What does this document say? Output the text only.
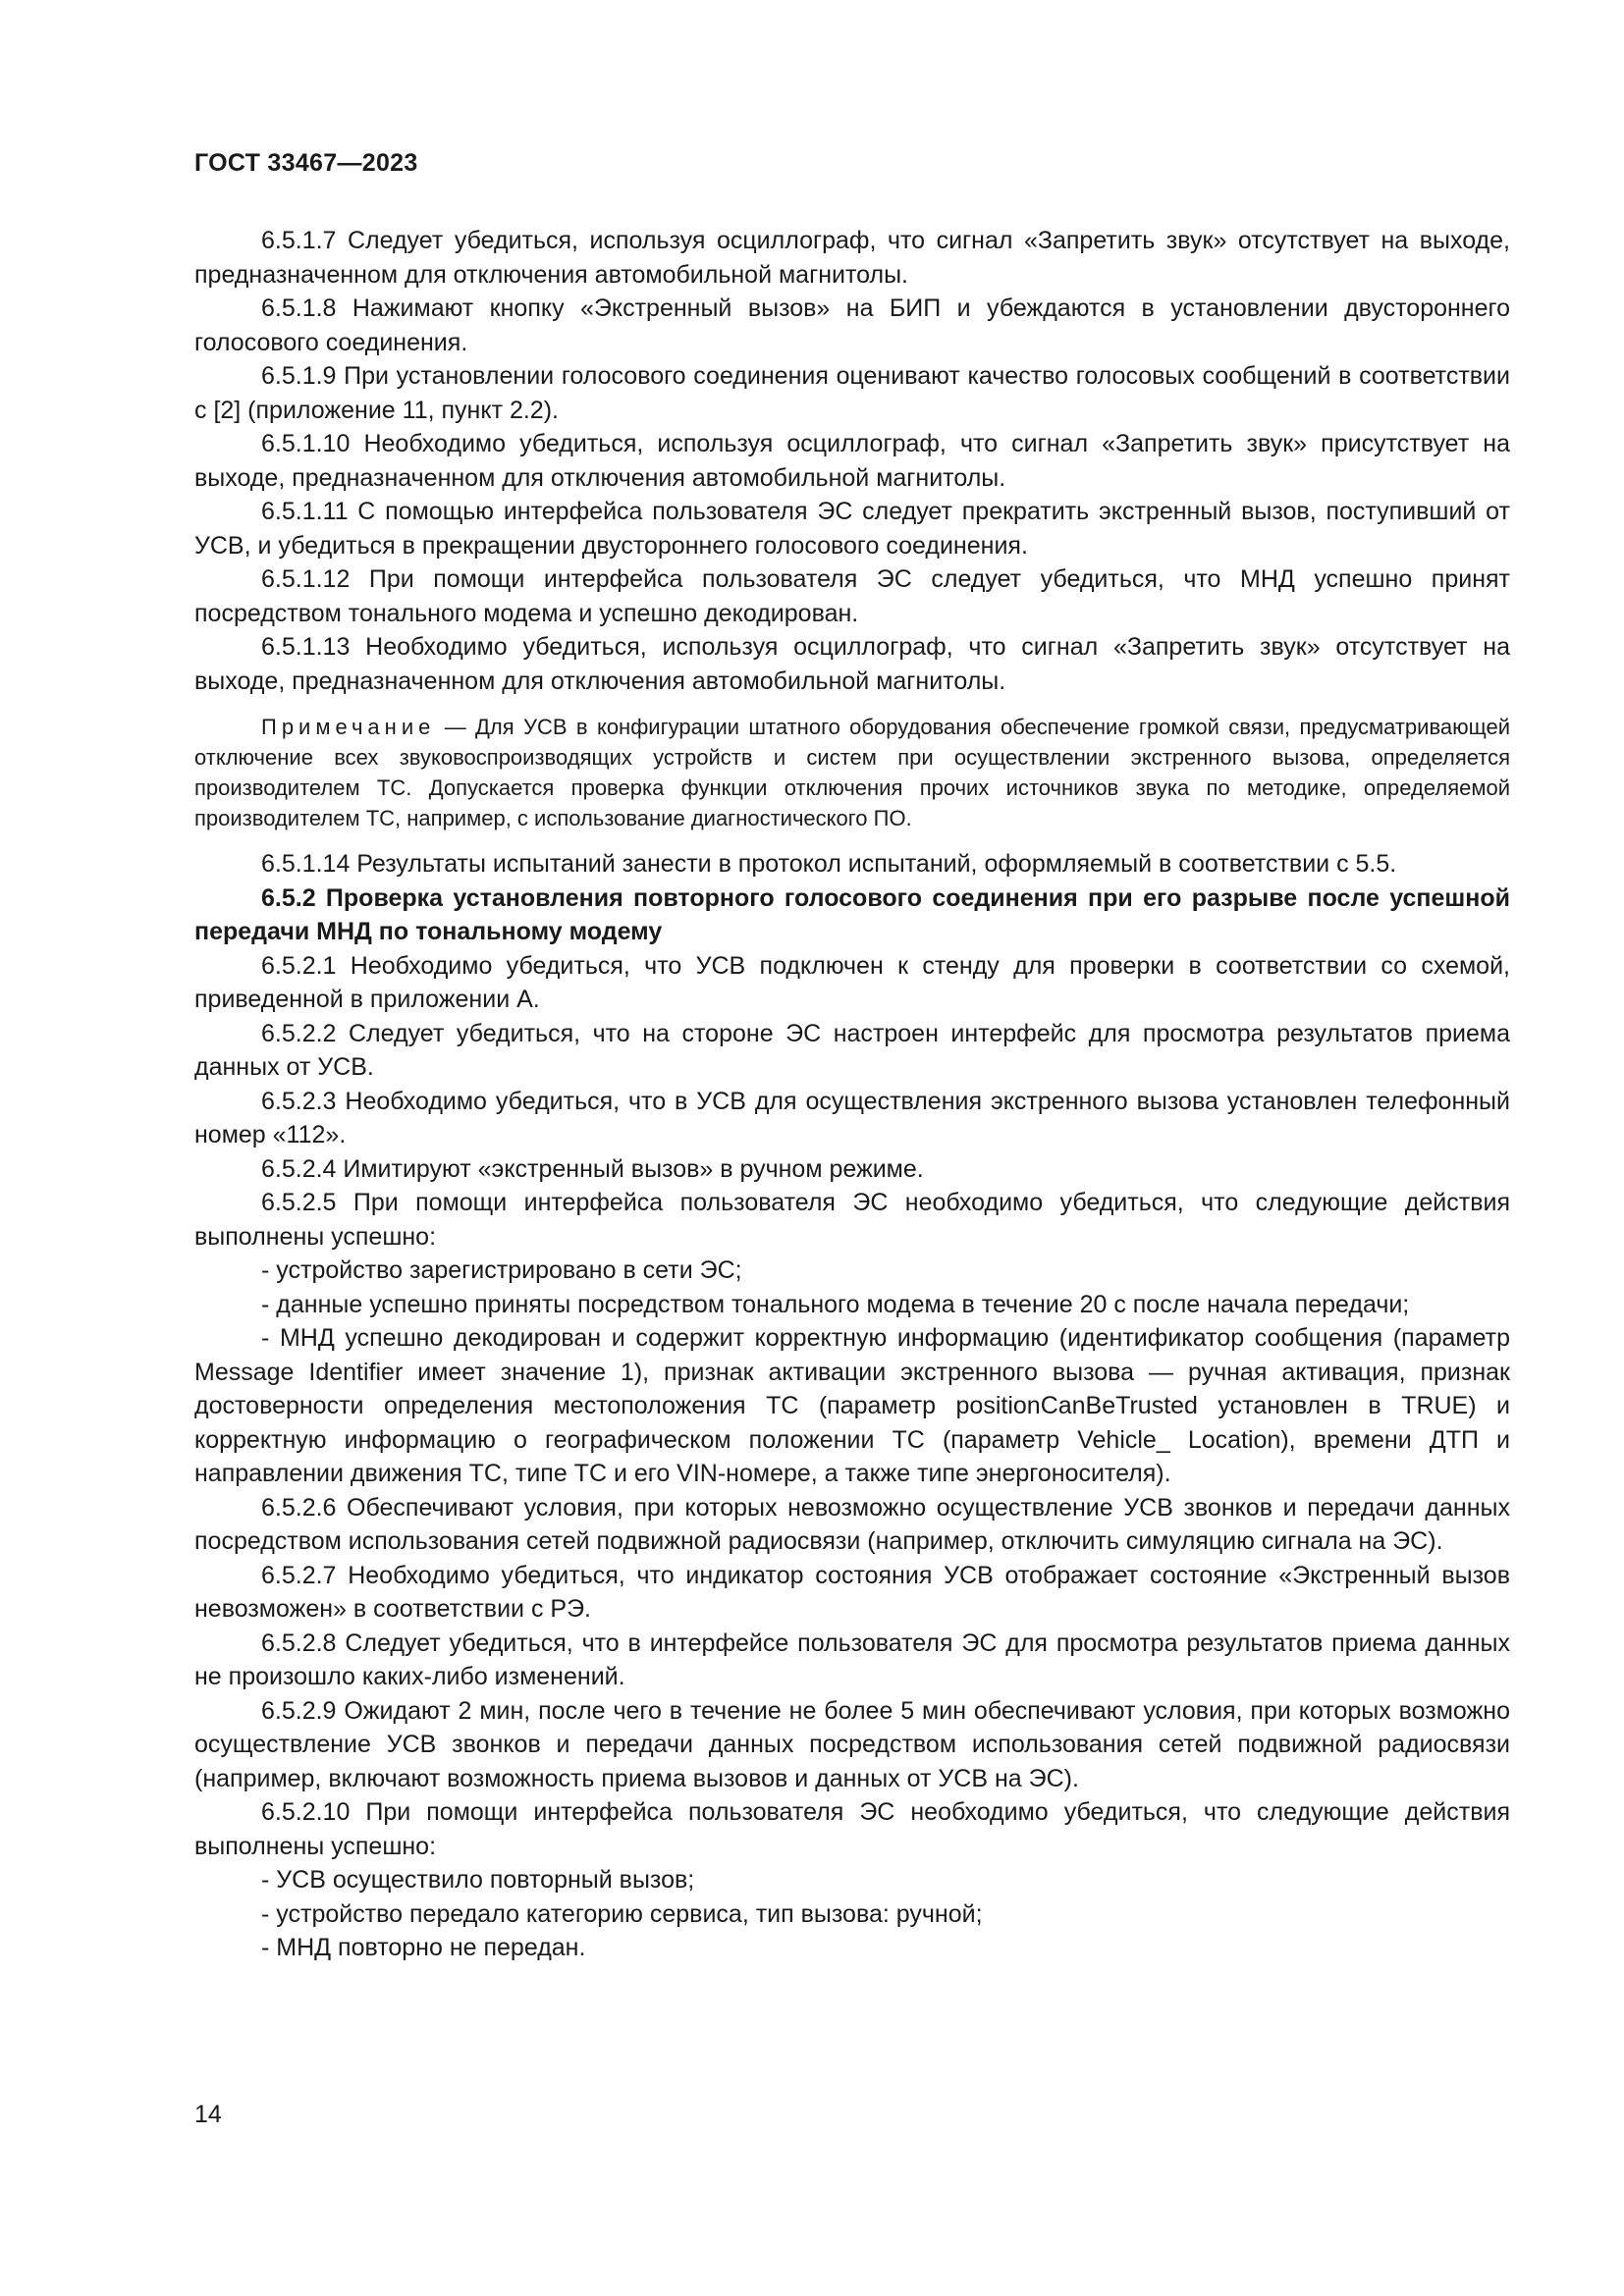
ГОСТ 33467—2023

6.5.1.7 Следует убедиться, используя осциллограф, что сигнал «Запретить звук» отсутствует на выходе, предназначенном для отключения автомобильной магнитолы.

6.5.1.8 Нажимают кнопку «Экстренный вызов» на БИП и убеждаются в установлении двустороннего голосового соединения.

6.5.1.9 При установлении голосового соединения оценивают качество голосовых сообщений в соответствии с [2] (приложение 11, пункт 2.2).

6.5.1.10 Необходимо убедиться, используя осциллограф, что сигнал «Запретить звук» присутствует на выходе, предназначенном для отключения автомобильной магнитолы.

6.5.1.11 С помощью интерфейса пользователя ЭС следует прекратить экстренный вызов, поступивший от УСВ, и убедиться в прекращении двустороннего голосового соединения.

6.5.1.12 При помощи интерфейса пользователя ЭС следует убедиться, что МНД успешно принят посредством тонального модема и успешно декодирован.

6.5.1.13 Необходимо убедиться, используя осциллограф, что сигнал «Запретить звук» отсутствует на выходе, предназначенном для отключения автомобильной магнитолы.

Примечание — Для УСВ в конфигурации штатного оборудования обеспечение громкой связи, предусматривающей отключение всех звуковоспроизводящих устройств и систем при осуществлении экстренного вызова, определяется производителем ТС. Допускается проверка функции отключения прочих источников звука по методике, определяемой производителем ТС, например, с использование диагностического ПО.

6.5.1.14 Результаты испытаний занести в протокол испытаний, оформляемый в соответствии с 5.5.

6.5.2 Проверка установления повторного голосового соединения при его разрыве после успешной передачи МНД по тональному модему

6.5.2.1 Необходимо убедиться, что УСВ подключен к стенду для проверки в соответствии со схемой, приведенной в приложении А.

6.5.2.2 Следует убедиться, что на стороне ЭС настроен интерфейс для просмотра результатов приема данных от УСВ.

6.5.2.3 Необходимо убедиться, что в УСВ для осуществления экстренного вызова установлен телефонный номер «112».

6.5.2.4 Имитируют «экстренный вызов» в ручном режиме.

6.5.2.5 При помощи интерфейса пользователя ЭС необходимо убедиться, что следующие действия выполнены успешно:

- устройство зарегистрировано в сети ЭС;

- данные успешно приняты посредством тонального модема в течение 20 с после начала передачи;

- МНД успешно декодирован и содержит корректную информацию (идентификатор сообщения (параметр Message Identifier имеет значение 1), признак активации экстренного вызова — ручная активация, признак достоверности определения местоположения ТС (параметр positionCanBeTrusted установлен в TRUE) и корректную информацию о географическом положении ТС (параметр Vehicle_ Location), времени ДТП и направлении движения ТС, типе ТС и его VIN-номере, а также типе энергоносителя).

6.5.2.6 Обеспечивают условия, при которых невозможно осуществление УСВ звонков и передачи данных посредством использования сетей подвижной радиосвязи (например, отключить симуляцию сигнала на ЭС).

6.5.2.7 Необходимо убедиться, что индикатор состояния УСВ отображает состояние «Экстренный вызов невозможен» в соответствии с РЭ.

6.5.2.8 Следует убедиться, что в интерфейсе пользователя ЭС для просмотра результатов приема данных не произошло каких-либо изменений.

6.5.2.9 Ожидают 2 мин, после чего в течение не более 5 мин обеспечивают условия, при которых возможно осуществление УСВ звонков и передачи данных посредством использования сетей подвижной радиосвязи (например, включают возможность приема вызовов и данных от УСВ на ЭС).

6.5.2.10 При помощи интерфейса пользователя ЭС необходимо убедиться, что следующие действия выполнены успешно:

- УСВ осуществило повторный вызов;

- устройство передало категорию сервиса, тип вызова: ручной;

- МНД повторно не передан.

14
